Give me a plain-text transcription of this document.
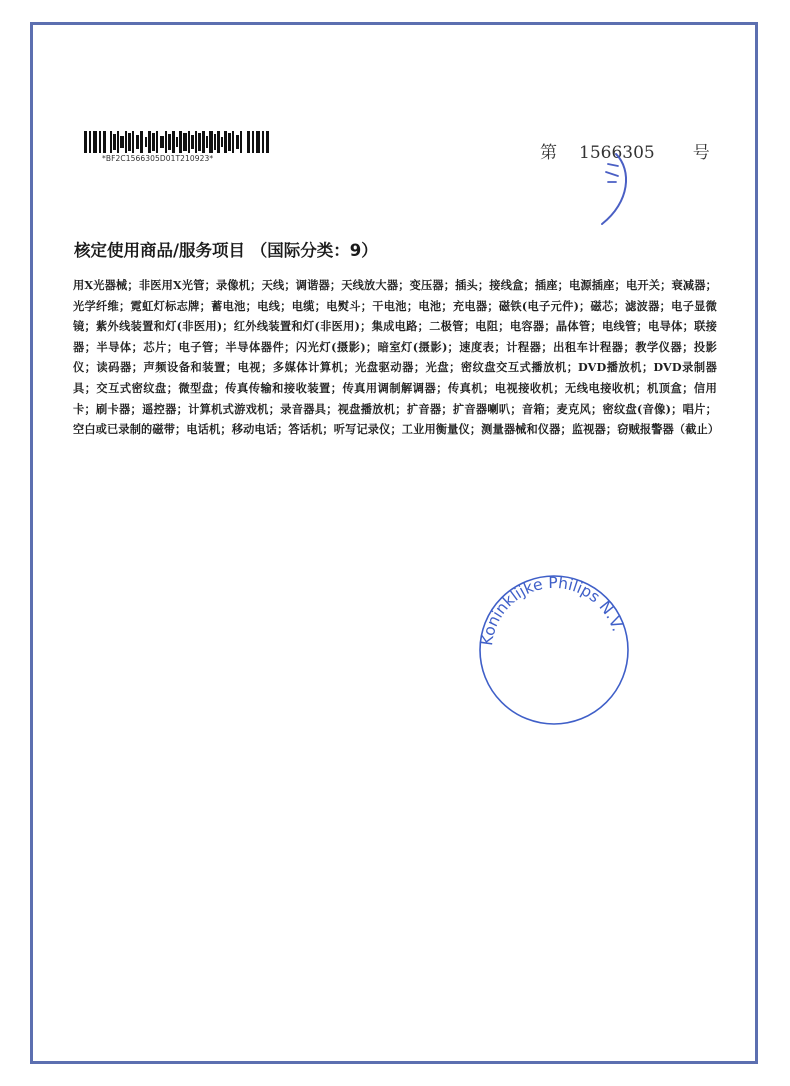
*BF2C1566305D01T210923*	第 1566305 号
核定使用商品/服务项目 （国际分类：9）
用X光器械；非医用X光管；录像机；天线；调谐器；天线放大器；变压器；插头；接线盒；插座；电源插座；电开关；衰减器；光学纤维；霓虹灯标志牌；蓄电池；电线；电缆；电熨斗；干电池；电池；充电器；磁铁(电子元件)；磁芯；滤波器；电子显微镜；紫外线装置和灯(非医用)；红外线装置和灯(非医用)；集成电路；二极管；电阻；电容器；晶体管；电线管；电导体；联接器；半导体；芯片；电子管；半导体器件；闪光灯(摄影)；暗室灯(摄影)；速度表；计程器；出租车计程器；教学仪器；投影仪；读码器；声频设备和装置；电视；多媒体计算机；光盘驱动器；光盘；密纹盘交互式播放机；DVD播放机；DVD录制器具；交互式密纹盘；微型盘；传真传输和接收装置；传真用调制解调器；传真机；电视接收机；无线电接收机；机顶盒；信用卡；刷卡器；遥控器；计算机式游戏机；录音器具；视盘播放机；扩音器；扩音器喇叭；音箱；麦克风；密纹盘(音像)；唱片；空白或已录制的磁带；电话机；移动电话；答话机；听写记录仪；工业用衡量仪；测量器械和仪器；监视器；窃贼报警器（截止）
Koninklijke Philips N.V.
